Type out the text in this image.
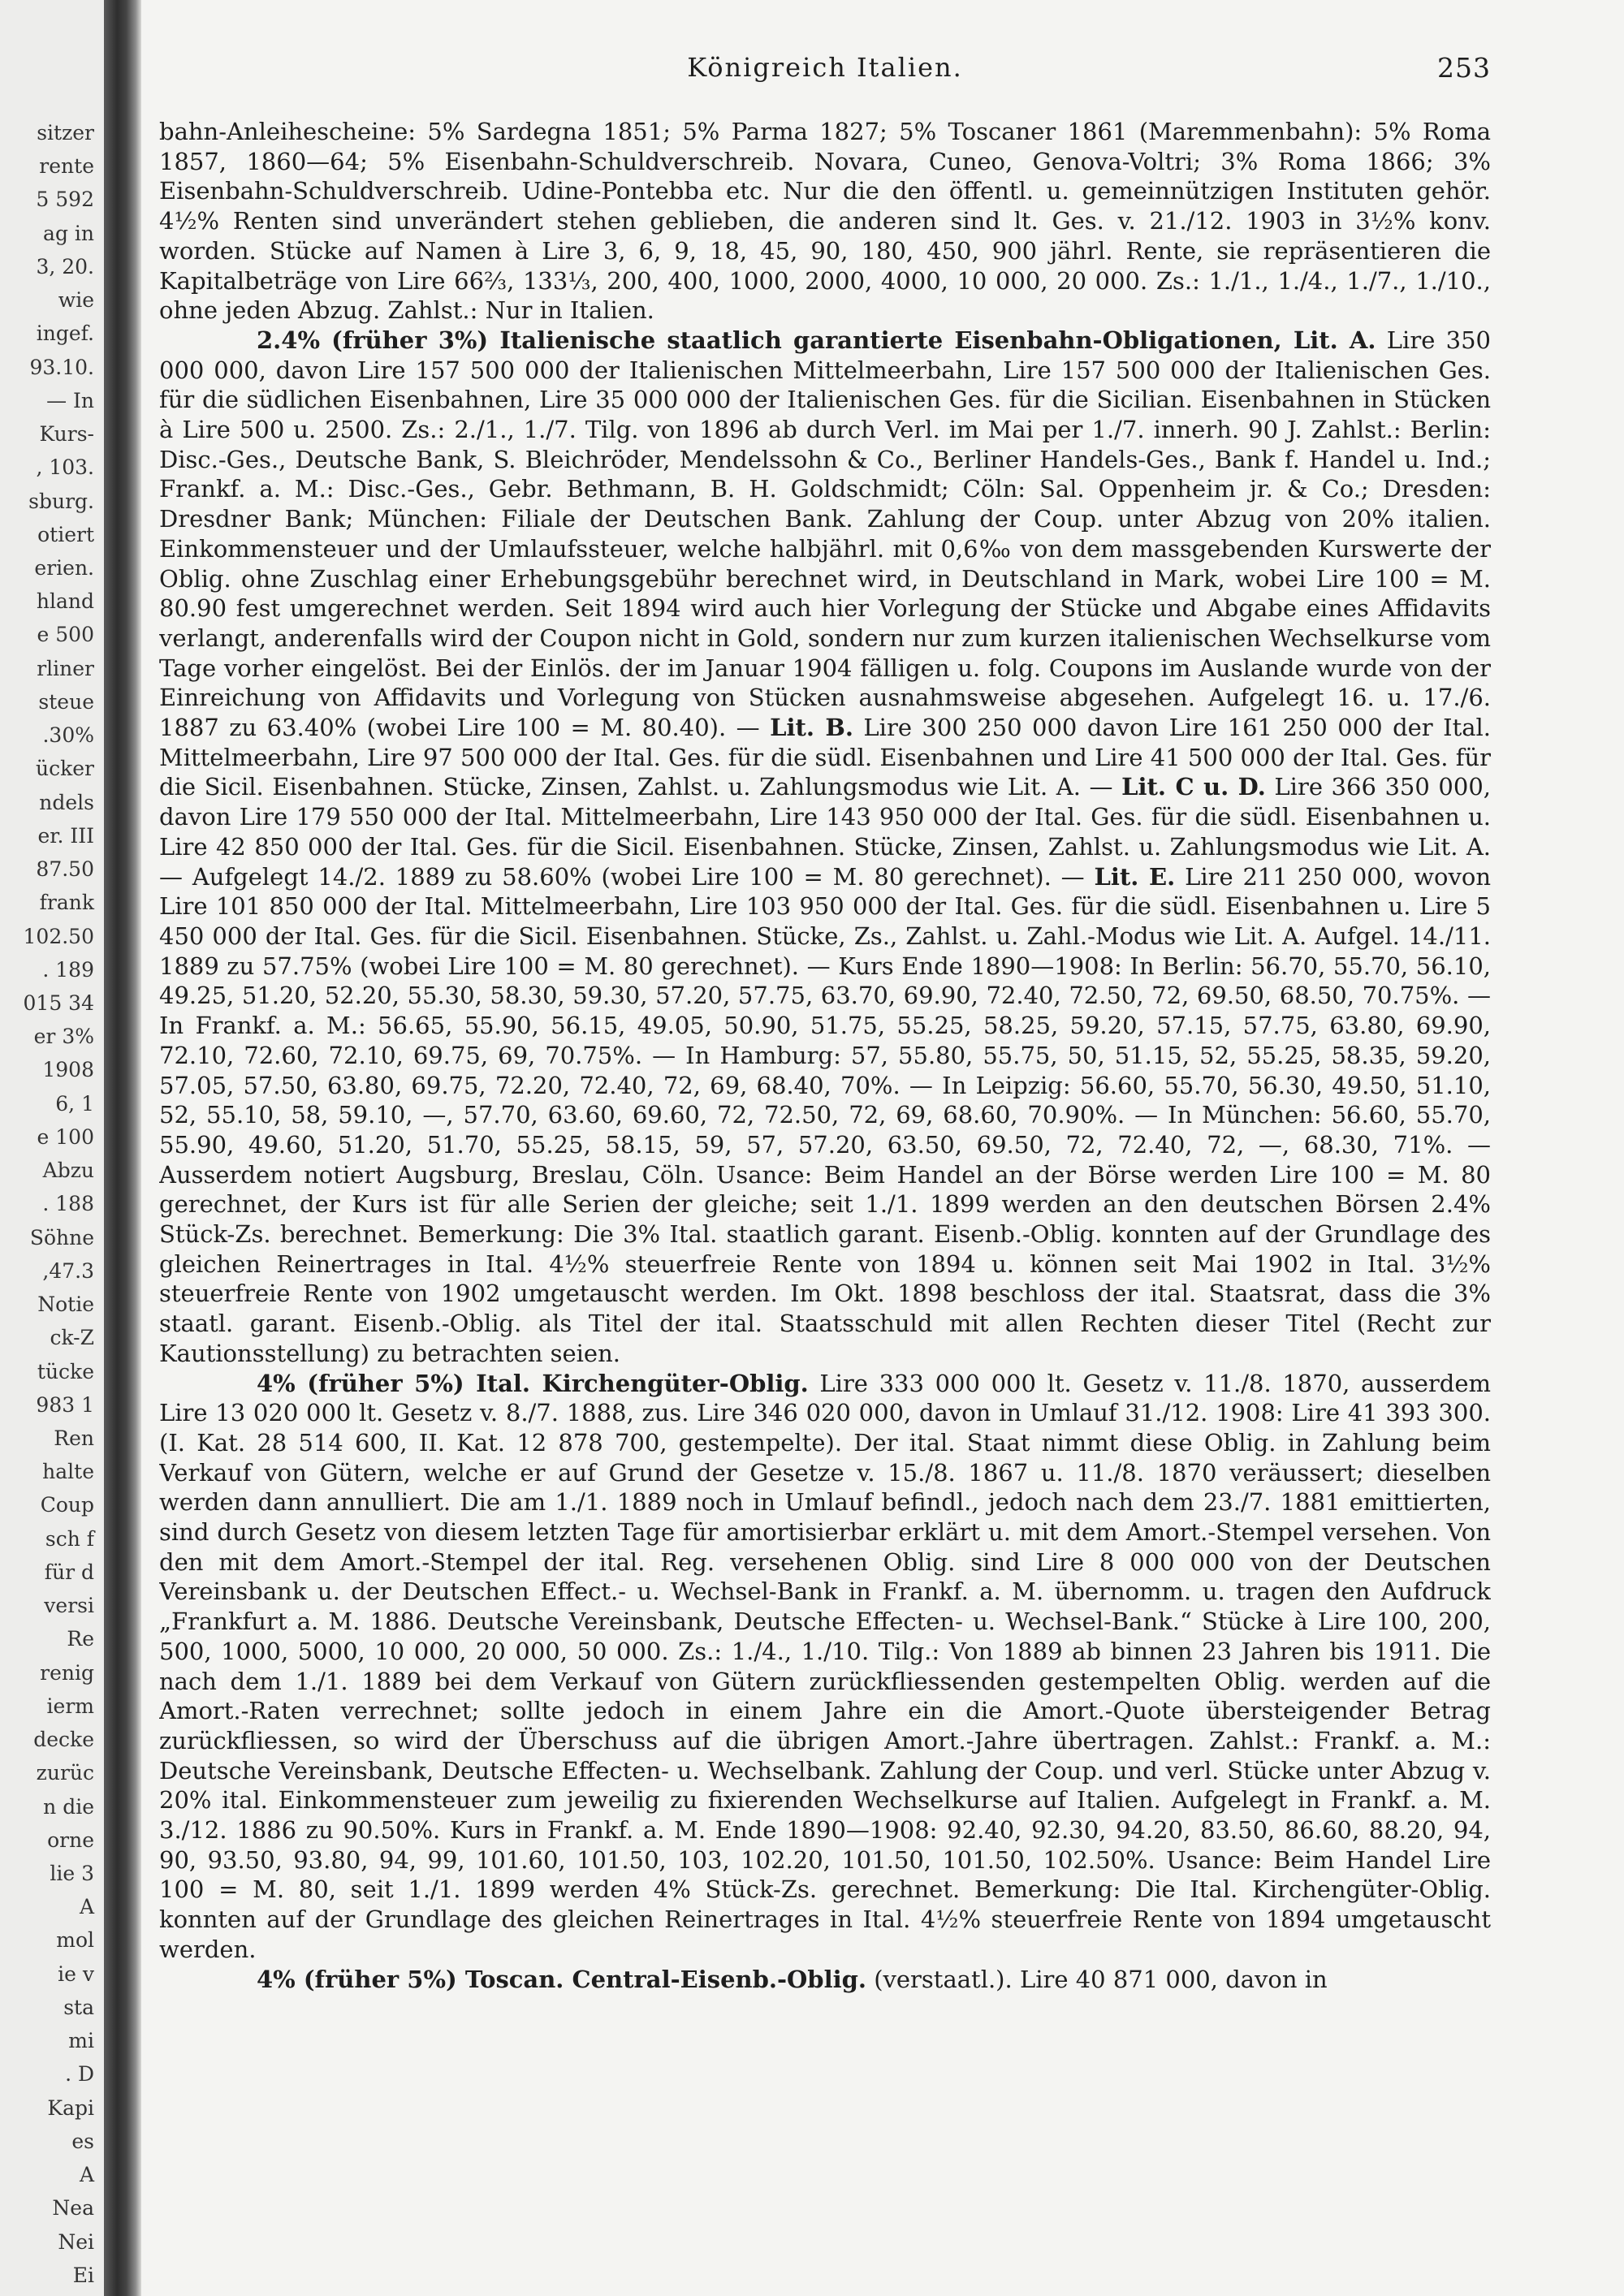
sitzer
rente
5 592
ag in
3, 20.
wie
ingef.
93.10.
— In
Kurs-
, 103.
sburg.
otiert
erien.
hland
e 500
rliner
steue
.30%
ücker
ndels
er. III
87.50
frank
102.50
. 189
015 34
er 3%
1908
6, 1
e 100
Abzu
. 188
Söhne
,47.3
Notie
ck-Z
tücke
983 1
Ren
halte
Coup
sch f
für d
versi
Re
renig
ierm
decke
zurüc
n die
orne
lie 3
A
mol
ie v
sta
mi
. D
Kapi
es
A
Nea
Nei
Ei
Königreich Italien.	253

bahn-Anleihescheine: 5% Sardegna 1851; 5% Parma 1827; 5% Toscaner 1861 (Maremmenbahn): 5% Roma 1857, 1860—64; 5% Eisenbahn-Schuldverschreib. Novara, Cuneo, Genova-Voltri; 3% Roma 1866; 3% Eisenbahn-Schuldverschreib. Udine-Pontebba etc. Nur die den öffentl. u. gemeinnützigen Instituten gehör. 4½% Renten sind unverändert stehen geblieben, die anderen sind lt. Ges. v. 21./12. 1903 in 3½% konv. worden. Stücke auf Namen à Lire 3, 6, 9, 18, 45, 90, 180, 450, 900 jährl. Rente, sie repräsentieren die Kapitalbeträge von Lire 66⅔, 133⅓, 200, 400, 1000, 2000, 4000, 10 000, 20 000. Zs.: 1./1., 1./4., 1./7., 1./10., ohne jeden Abzug. Zahlst.: Nur in Italien.

2.4% (früher 3%) Italienische staatlich garantierte Eisenbahn-Obligationen, Lit. A. Lire 350 000 000, davon Lire 157 500 000 der Italienischen Mittelmeerbahn, Lire 157 500 000 der Italienischen Ges. für die südlichen Eisenbahnen, Lire 35 000 000 der Italienischen Ges. für die Sicilian. Eisenbahnen in Stücken à Lire 500 u. 2500. Zs.: 2./1., 1./7. Tilg. von 1896 ab durch Verl. im Mai per 1./7. innerh. 90 J. Zahlst.: Berlin: Disc.-Ges., Deutsche Bank, S. Bleichröder, Mendelssohn & Co., Berliner Handels-Ges., Bank f. Handel u. Ind.; Frankf. a. M.: Disc.-Ges., Gebr. Bethmann, B. H. Goldschmidt; Cöln: Sal. Oppenheim jr. & Co.; Dresden: Dresdner Bank; München: Filiale der Deutschen Bank. Zahlung der Coup. unter Abzug von 20% italien. Einkommensteuer und der Umlaufssteuer, welche halbjährl. mit 0,6‰ von dem massgebenden Kurswerte der Oblig. ohne Zuschlag einer Erhebungsgebühr berechnet wird, in Deutschland in Mark, wobei Lire 100 = M. 80.90 fest umgerechnet werden. Seit 1894 wird auch hier Vorlegung der Stücke und Abgabe eines Affidavits verlangt, anderenfalls wird der Coupon nicht in Gold, sondern nur zum kurzen italienischen Wechselkurse vom Tage vorher eingelöst. Bei der Einlös. der im Januar 1904 fälligen u. folg. Coupons im Auslande wurde von der Einreichung von Affidavits und Vorlegung von Stücken ausnahmsweise abgesehen. Aufgelegt 16. u. 17./6. 1887 zu 63.40% (wobei Lire 100 = M. 80.40). — Lit. B. Lire 300 250 000 davon Lire 161 250 000 der Ital. Mittelmeerbahn, Lire 97 500 000 der Ital. Ges. für die südl. Eisenbahnen und Lire 41 500 000 der Ital. Ges. für die Sicil. Eisenbahnen. Stücke, Zinsen, Zahlst. u. Zahlungsmodus wie Lit. A. — Lit. C u. D. Lire 366 350 000, davon Lire 179 550 000 der Ital. Mittelmeerbahn, Lire 143 950 000 der Ital. Ges. für die südl. Eisenbahnen u. Lire 42 850 000 der Ital. Ges. für die Sicil. Eisenbahnen. Stücke, Zinsen, Zahlst. u. Zahlungsmodus wie Lit. A. — Aufgelegt 14./2. 1889 zu 58.60% (wobei Lire 100 = M. 80 gerechnet). — Lit. E. Lire 211 250 000, wovon Lire 101 850 000 der Ital. Mittelmeerbahn, Lire 103 950 000 der Ital. Ges. für die südl. Eisenbahnen u. Lire 5 450 000 der Ital. Ges. für die Sicil. Eisenbahnen. Stücke, Zs., Zahlst. u. Zahl.-Modus wie Lit. A. Aufgel. 14./11. 1889 zu 57.75% (wobei Lire 100 = M. 80 gerechnet). — Kurs Ende 1890—1908: In Berlin: 56.70, 55.70, 56.10, 49.25, 51.20, 52.20, 55.30, 58.30, 59.30, 57.20, 57.75, 63.70, 69.90, 72.40, 72.50, 72, 69.50, 68.50, 70.75%. — In Frankf. a. M.: 56.65, 55.90, 56.15, 49.05, 50.90, 51.75, 55.25, 58.25, 59.20, 57.15, 57.75, 63.80, 69.90, 72.10, 72.60, 72.10, 69.75, 69, 70.75%. — In Hamburg: 57, 55.80, 55.75, 50, 51.15, 52, 55.25, 58.35, 59.20, 57.05, 57.50, 63.80, 69.75, 72.20, 72.40, 72, 69, 68.40, 70%. — In Leipzig: 56.60, 55.70, 56.30, 49.50, 51.10, 52, 55.10, 58, 59.10, —, 57.70, 63.60, 69.60, 72, 72.50, 72, 69, 68.60, 70.90%. — In München: 56.60, 55.70, 55.90, 49.60, 51.20, 51.70, 55.25, 58.15, 59, 57, 57.20, 63.50, 69.50, 72, 72.40, 72, —, 68.30, 71%. — Ausserdem notiert Augsburg, Breslau, Cöln. Usance: Beim Handel an der Börse werden Lire 100 = M. 80 gerechnet, der Kurs ist für alle Serien der gleiche; seit 1./1. 1899 werden an den deutschen Börsen 2.4% Stück-Zs. berechnet. Bemerkung: Die 3% Ital. staatlich garant. Eisenb.-Oblig. konnten auf der Grundlage des gleichen Reinertrages in Ital. 4½% steuerfreie Rente von 1894 u. können seit Mai 1902 in Ital. 3½% steuerfreie Rente von 1902 umgetauscht werden. Im Okt. 1898 beschloss der ital. Staatsrat, dass die 3% staatl. garant. Eisenb.-Oblig. als Titel der ital. Staatsschuld mit allen Rechten dieser Titel (Recht zur Kautionsstellung) zu betrachten seien.

4% (früher 5%) Ital. Kirchengüter-Oblig. Lire 333 000 000 lt. Gesetz v. 11./8. 1870, ausserdem Lire 13 020 000 lt. Gesetz v. 8./7. 1888, zus. Lire 346 020 000, davon in Umlauf 31./12. 1908: Lire 41 393 300. (I. Kat. 28 514 600, II. Kat. 12 878 700, gestempelte). Der ital. Staat nimmt diese Oblig. in Zahlung beim Verkauf von Gütern, welche er auf Grund der Gesetze v. 15./8. 1867 u. 11./8. 1870 veräussert; dieselben werden dann annulliert. Die am 1./1. 1889 noch in Umlauf befindl., jedoch nach dem 23./7. 1881 emittierten, sind durch Gesetz von diesem letzten Tage für amortisierbar erklärt u. mit dem Amort.-Stempel versehen. Von den mit dem Amort.-Stempel der ital. Reg. versehenen Oblig. sind Lire 8 000 000 von der Deutschen Vereinsbank u. der Deutschen Effect.- u. Wechsel-Bank in Frankf. a. M. übernomm. u. tragen den Aufdruck „Frankfurt a. M. 1886. Deutsche Vereinsbank, Deutsche Effecten- u. Wechsel-Bank.“ Stücke à Lire 100, 200, 500, 1000, 5000, 10 000, 20 000, 50 000. Zs.: 1./4., 1./10. Tilg.: Von 1889 ab binnen 23 Jahren bis 1911. Die nach dem 1./1. 1889 bei dem Verkauf von Gütern zurückfliessenden gestempelten Oblig. werden auf die Amort.-Raten verrechnet; sollte jedoch in einem Jahre ein die Amort.-Quote übersteigender Betrag zurückfliessen, so wird der Überschuss auf die übrigen Amort.-Jahre übertragen. Zahlst.: Frankf. a. M.: Deutsche Vereinsbank, Deutsche Effecten- u. Wechselbank. Zahlung der Coup. und verl. Stücke unter Abzug v. 20% ital. Einkommensteuer zum jeweilig zu fixierenden Wechselkurse auf Italien. Aufgelegt in Frankf. a. M. 3./12. 1886 zu 90.50%. Kurs in Frankf. a. M. Ende 1890—1908: 92.40, 92.30, 94.20, 83.50, 86.60, 88.20, 94, 90, 93.50, 93.80, 94, 99, 101.60, 101.50, 103, 102.20, 101.50, 101.50, 102.50%. Usance: Beim Handel Lire 100 = M. 80, seit 1./1. 1899 werden 4% Stück-Zs. gerechnet. Bemerkung: Die Ital. Kirchengüter-Oblig. konnten auf der Grundlage des gleichen Reinertrages in Ital. 4½% steuerfreie Rente von 1894 umgetauscht werden.

4% (früher 5%) Toscan. Central-Eisenb.-Oblig. (verstaatl.). Lire 40 871 000, davon in
